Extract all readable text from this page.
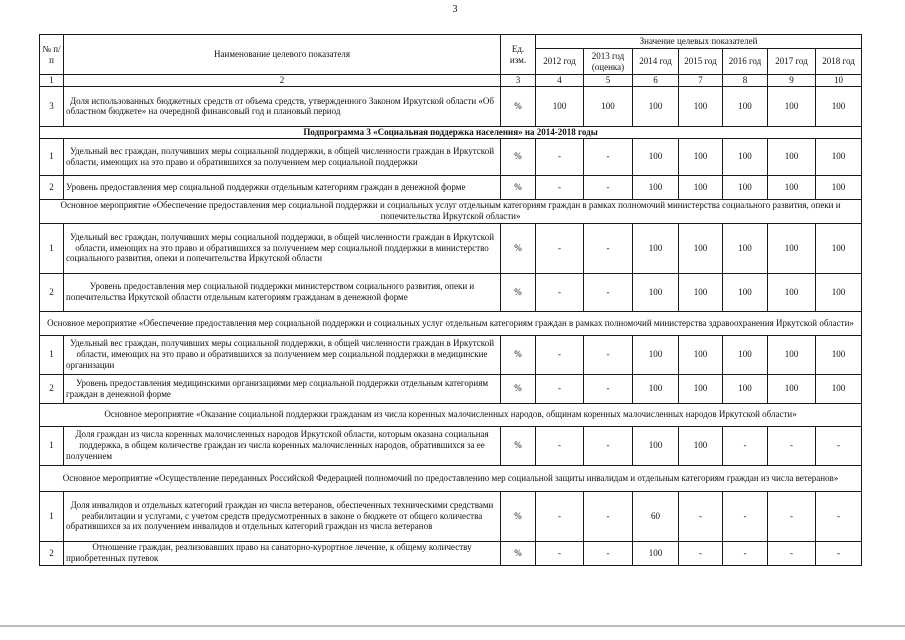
3
№ п/п	Наименование целевого показателя	Ед. изм.	Значение целевых показателей						
			2012 год	2013 год (оценка)	2014 год	2015 год	2016 год	2017 год	2018 год
1	2	3	4	5	6	7	8	9	10
3	Доля использованных бюджетных средств от объема средств, утвержденного Законом Иркутской области «Об областном бюджете» на очередной финансовый год и плановый период	%	100	100	100	100	100	100	100
Подпрограмма 3 «Социальная поддержка населения» на 2014-2018 годы									
1	Удельный вес граждан, получивших меры социальной поддержки, в общей численности граждан в Иркутской области, имеющих на это право и обратившихся за получением мер социальной поддержки	%	-	-	100	100	100	100	100
2	Уровень предоставления мер социальной поддержки отдельным категориям граждан в денежной форме	%	-	-	100	100	100	100	100
Основное мероприятие «Обеспечение предоставления мер социальной поддержки и социальных услуг отдельным категориям граждан в рамках полномочий министерства социального развития, опеки и попечительства Иркутской области»									
1	Удельный вес граждан, получивших меры социальной поддержки, в общей численности граждан в Иркутской области, имеющих на это право и обратившихся за получением мер социальной поддержки в министерство социального развития, опеки и попечительства Иркутской области	%	-	-	100	100	100	100	100
2	Уровень предоставления мер социальной поддержки министерством социального развития, опеки и попечительства Иркутской области отдельным категориям гражданам в денежной форме	%	-	-	100	100	100	100	100
Основное мероприятие «Обеспечение предоставления мер социальной поддержки и социальных услуг отдельным категориям граждан в рамках полномочий министерства здравоохранения Иркутской области»									
1	Удельный вес граждан, получивших меры социальной поддержки, в общей численности граждан в Иркутской области, имеющих на это право и обратившихся за получением мер социальной поддержки в медицинские организации	%	-	-	100	100	100	100	100
2	Уровень предоставления медицинскими организациями мер социальной поддержки отдельным категориям граждан в денежной форме	%	-	-	100	100	100	100	100
Основное мероприятие «Оказание социальной поддержки гражданам из числа коренных малочисленных народов, общинам коренных малочисленных народов Иркутской области»									
1	Доля граждан из числа коренных малочисленных народов Иркутской области, которым оказана социальная поддержка, в общем количестве граждан из числа коренных малочисленных народов, обратившихся за ее получением	%	-	-	100	100	-	-	-
Основное мероприятие «Осуществление переданных Российской Федерацией полномочий по предоставлению мер социальной защиты инвалидам и отдельным категориям граждан из числа ветеранов»									
1	Доля инвалидов и отдельных категорий граждан из числа ветеранов, обеспеченных техническими средствами реабилитации и услугами, с учетом средств предусмотренных в законе о бюджете от общего количества обратившихся за их получением инвалидов и отдельных категорий граждан из числа ветеранов	%	-	-	60	-	-	-	-
2	Отношение граждан, реализовавших право на санаторно-курортное лечение, к общему количеству приобретенных путевок	%	-	-	100	-	-	-	-
